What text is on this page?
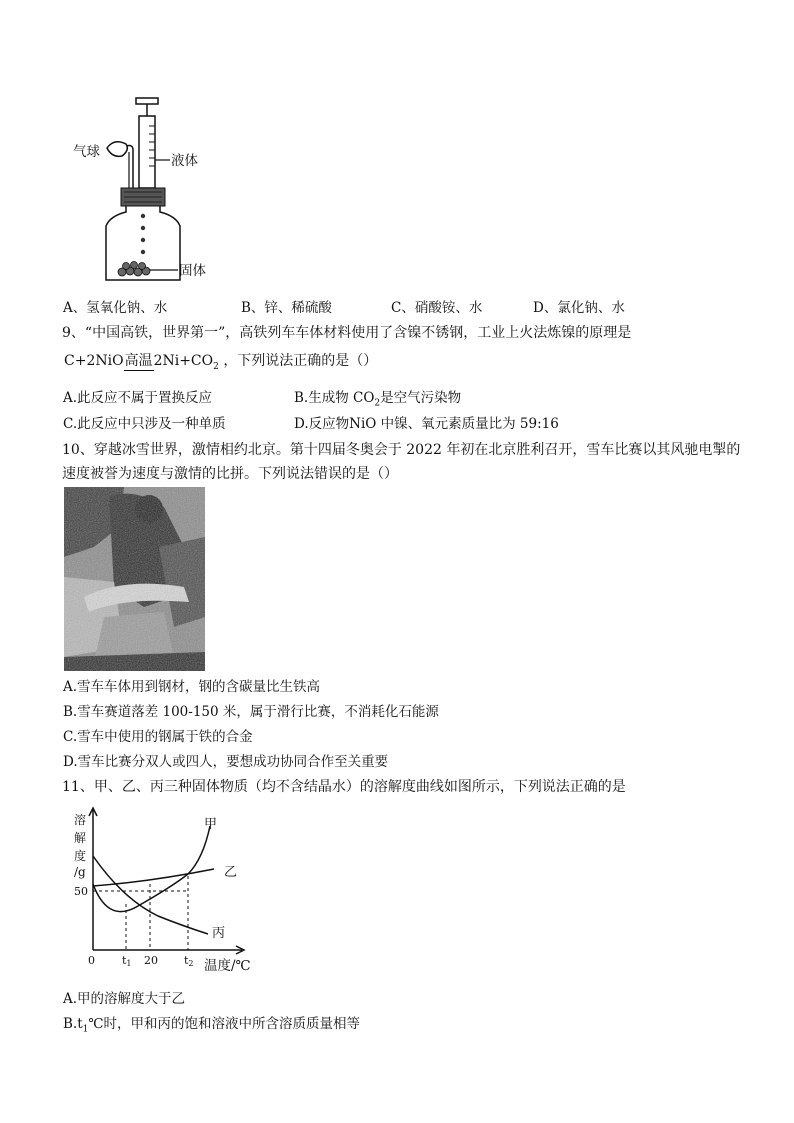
气球
液体
固体
A、氢氧化钠、水	B、锌、稀硫酸	C、硝酸铵、水	D、氯化钠、水
9、“中国高铁，世界第一”，高铁列车车体材料使用了含镍不锈钢，工业上火法炼镍的原理是
C+2NiO高温$2Ni+CO_2$ ，下列说法正确的是（）
A.此反应不属于置换反应	B.生成物 $CO_2$是空气污染物
C.此反应中只涉及一种单质	D.反应物NiO 中镍、氧元素质量比为 59:16
10、穿越冰雪世界，激情相约北京。第十四届冬奥会于 2022 年初在北京胜利召开，雪车比赛以其风驰电掣的
速度被誉为速度与激情的比拼。下列说法错误的是（）
A.雪车车体用到钢材，钢的含碳量比生铁高
B.雪车赛道落差 100-150 米，属于滑行比赛，不消耗化石能源
C.雪车中使用的钢属于铁的合金
D.雪车比赛分双人或四人，要想成功协同合作至关重要
11、甲、乙、丙三种固体物质（均不含结晶水）的溶解度曲线如图所示，下列说法正确的是
溶
解
度
/g
50
0 t1 20 t2
甲
乙
丙
温度/℃
A.甲的溶解度大于乙
$B.t_1℃$时，甲和丙的饱和溶液中所含溶质质量相等
